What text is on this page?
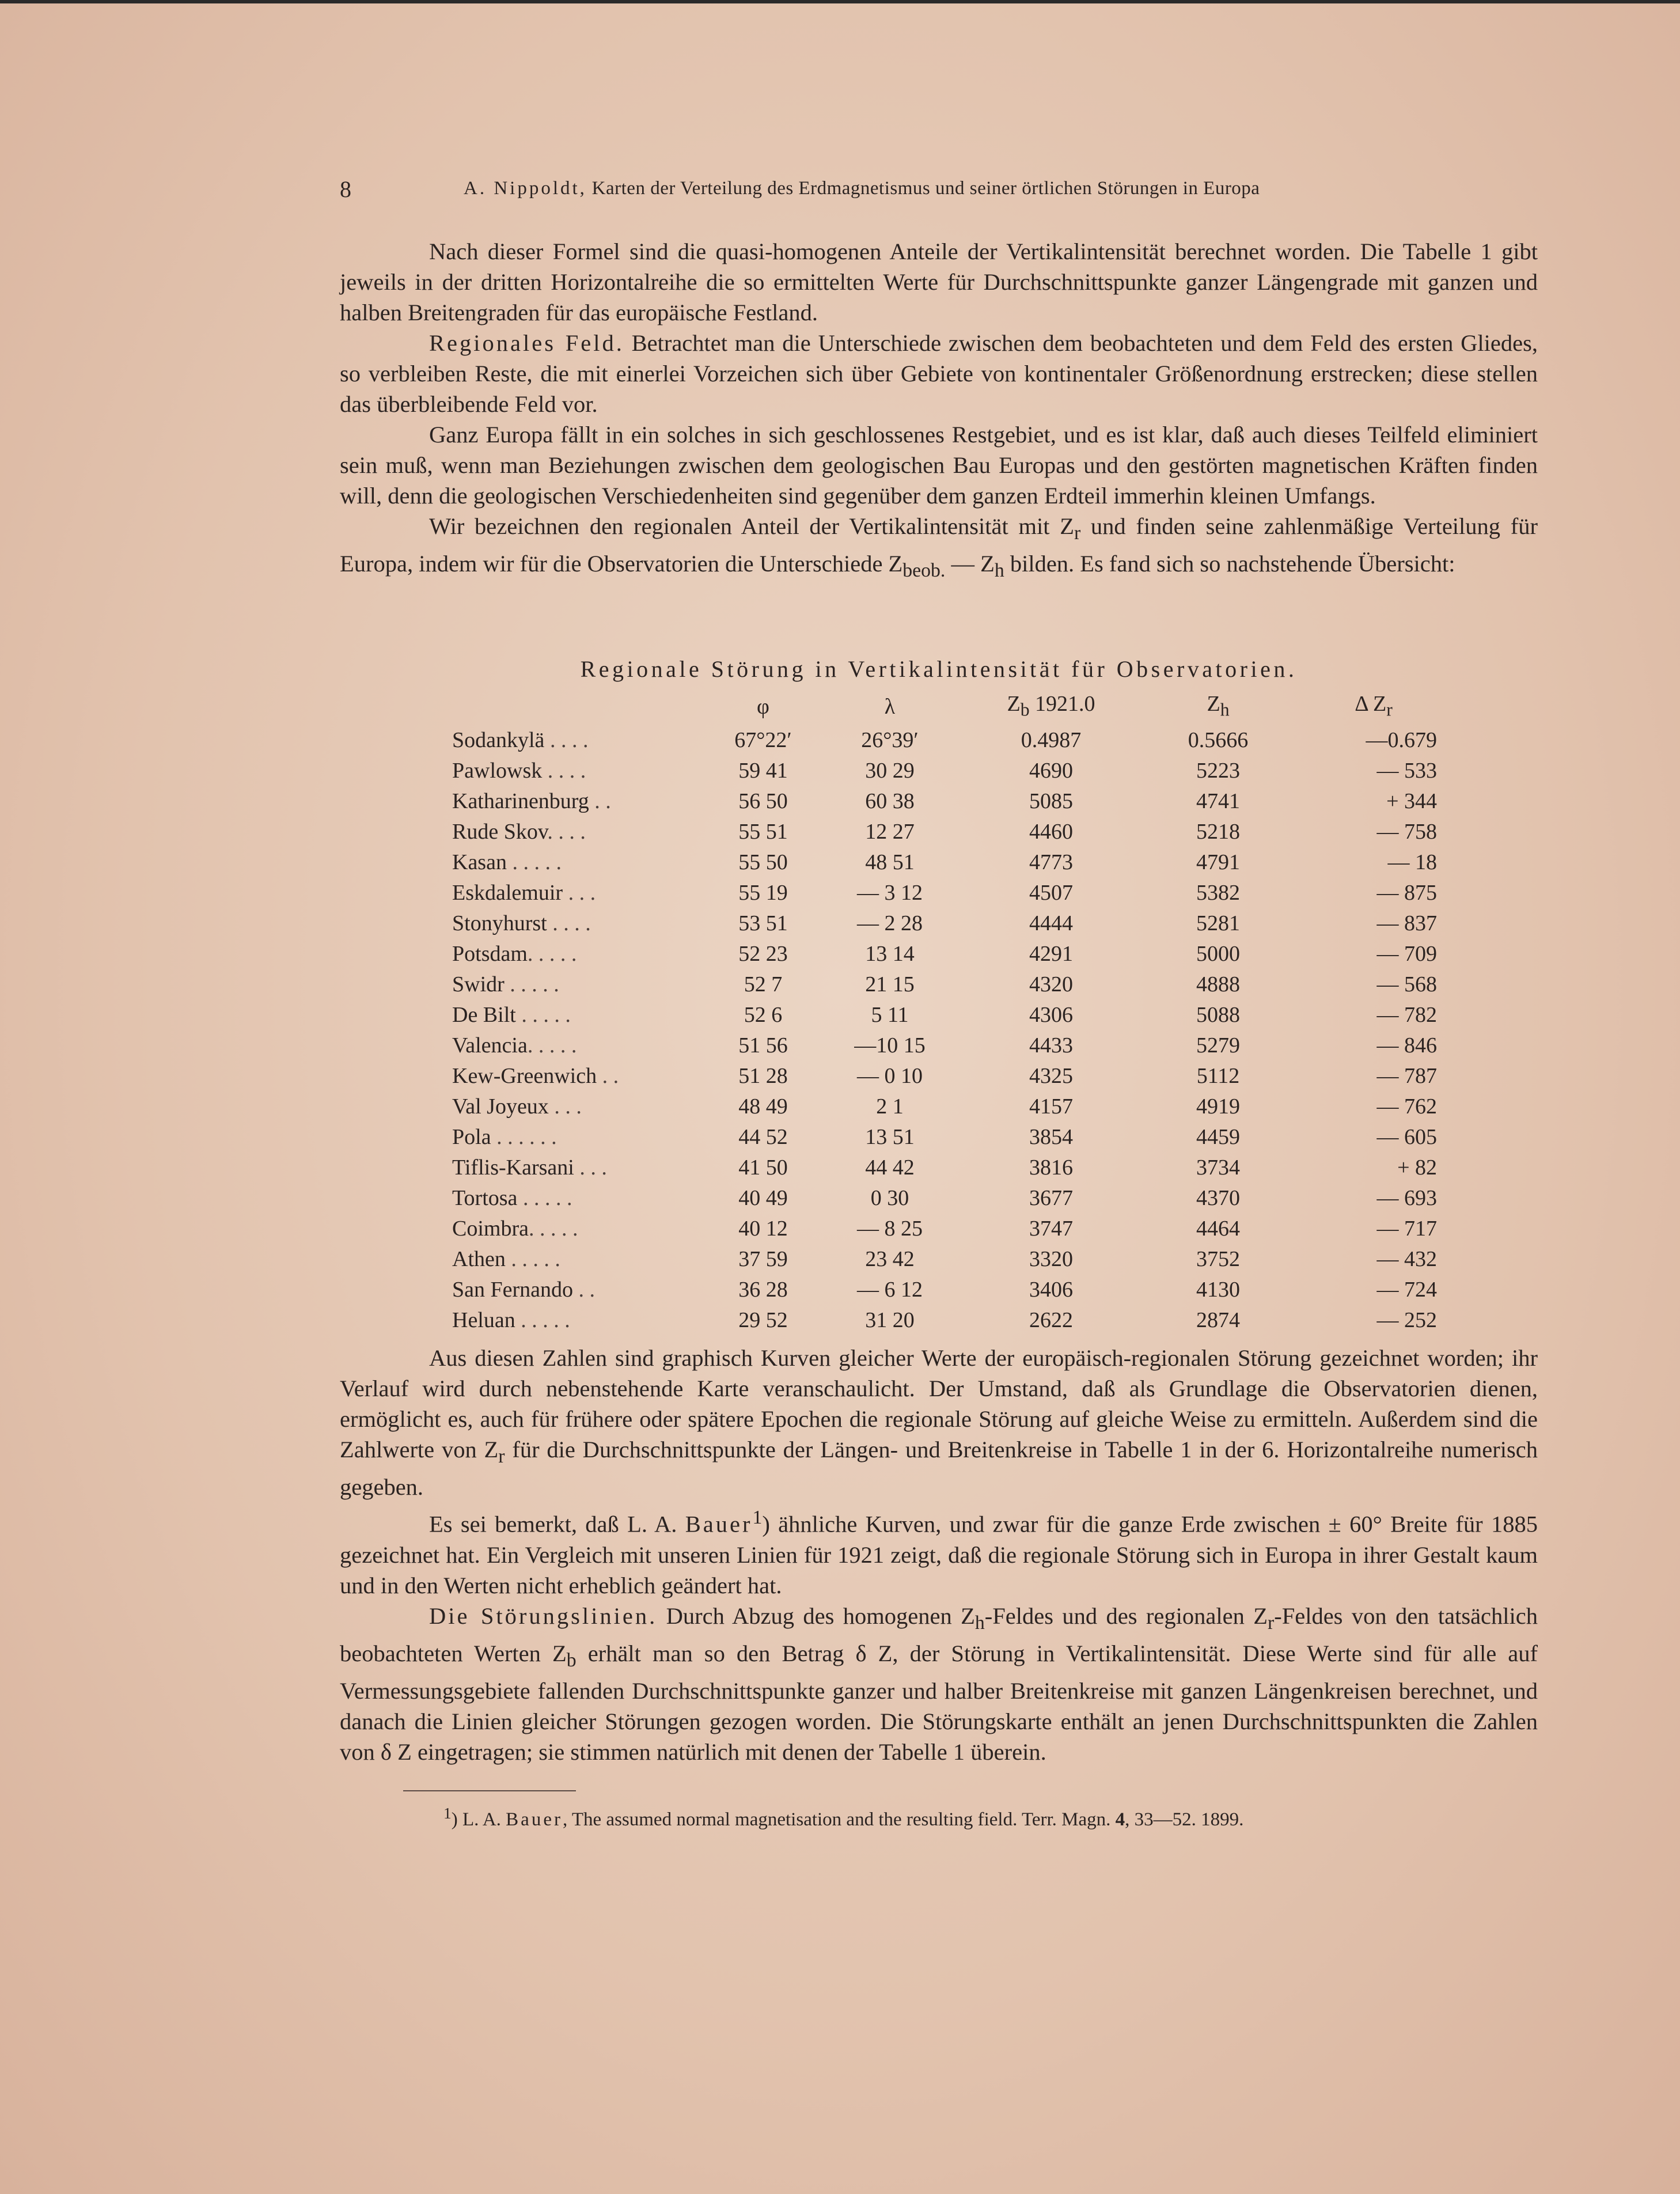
8	A. Nippoldt, Karten der Verteilung des Erdmagnetismus und seiner örtlichen Störungen in Europa

Nach dieser Formel sind die quasi-homogenen Anteile der Vertikalintensität berechnet worden. Die Tabelle 1 gibt jeweils in der dritten Horizontalreihe die so ermittelten Werte für Durchschnittspunkte ganzer Längengrade mit ganzen und halben Breitengraden für das europäische Festland.

Regionales Feld. Betrachtet man die Unterschiede zwischen dem beobachteten und dem Feld des ersten Gliedes, so verbleiben Reste, die mit einerlei Vorzeichen sich über Gebiete von kontinentaler Größenordnung erstrecken; diese stellen das überbleibende Feld vor.

Ganz Europa fällt in ein solches in sich geschlossenes Restgebiet, und es ist klar, daß auch dieses Teilfeld eliminiert sein muß, wenn man Beziehungen zwischen dem geologischen Bau Europas und den gestörten magnetischen Kräften finden will, denn die geologischen Verschiedenheiten sind gegenüber dem ganzen Erdteil immerhin kleinen Umfangs.

Wir bezeichnen den regionalen Anteil der Vertikalintensität mit $Z_r$ und finden seine zahlenmäßige Verteilung für Europa, indem wir für die Observatorien die Unterschiede $Z_{beob.}$ — $Z_h$ bilden. Es fand sich so nachstehende Übersicht:

Regionale Störung in Vertikalintensität für Observatorien.
	φ	λ	$Z_b$ 1921.0	$Z_h$	Δ $Z_r$
Sodankylä . . . .	67°22′	26°39′	0.4987	0.5666	—0.679
Pawlowsk . . . .	59 41	30 29	4690	5223	— 533
Katharinenburg . .	56 50	60 38	5085	4741	+ 344
Rude Skov. . . .	55 51	12 27	4460	5218	— 758
Kasan . . . . .	55 50	48 51	4773	4791	— 18
Eskdalemuir . . .	55 19	— 3 12	4507	5382	— 875
Stonyhurst . . . .	53 51	— 2 28	4444	5281	— 837
Potsdam. . . . .	52 23	13 14	4291	5000	— 709
Swidr . . . . .	52 7	21 15	4320	4888	— 568
De Bilt . . . . .	52 6	5 11	4306	5088	— 782
Valencia. . . . .	51 56	—10 15	4433	5279	— 846
Kew-Greenwich . .	51 28	— 0 10	4325	5112	— 787
Val Joyeux . . .	48 49	2 1	4157	4919	— 762
Pola . . . . . .	44 52	13 51	3854	4459	— 605
Tiflis-Karsani . . .	41 50	44 42	3816	3734	+ 82
Tortosa . . . . .	40 49	0 30	3677	4370	— 693
Coimbra. . . . .	40 12	— 8 25	3747	4464	— 717
Athen . . . . .	37 59	23 42	3320	3752	— 432
San Fernando . .	36 28	— 6 12	3406	4130	— 724
Heluan . . . . .	29 52	31 20	2622	2874	— 252

Aus diesen Zahlen sind graphisch Kurven gleicher Werte der europäisch-regionalen Störung gezeichnet worden; ihr Verlauf wird durch nebenstehende Karte veranschaulicht. Der Umstand, daß als Grundlage die Observatorien dienen, ermöglicht es, auch für frühere oder spätere Epochen die regionale Störung auf gleiche Weise zu ermitteln. Außerdem sind die Zahlwerte von $Z_r$ für die Durchschnittspunkte der Längen- und Breitenkreise in Tabelle 1 in der 6. Horizontalreihe numerisch gegeben.

Es sei bemerkt, daß L. A. Bauer$^1$) ähnliche Kurven, und zwar für die ganze Erde zwischen ± 60° Breite für 1885 gezeichnet hat. Ein Vergleich mit unseren Linien für 1921 zeigt, daß die regionale Störung sich in Europa in ihrer Gestalt kaum und in den Werten nicht erheblich geändert hat.

Die Störungslinien. Durch Abzug des homogenen $Z_h$-Feldes und des regionalen $Z_r$-Feldes von den tatsächlich beobachteten Werten $Z_b$ erhält man so den Betrag δ Z, der Störung in Vertikalintensität. Diese Werte sind für alle auf Vermessungsgebiete fallenden Durchschnittspunkte ganzer und halber Breitenkreise mit ganzen Längenkreisen berechnet, und danach die Linien gleicher Störungen gezogen worden. Die Störungskarte enthält an jenen Durchschnittspunkten die Zahlen von δ Z eingetragen; sie stimmen natürlich mit denen der Tabelle 1 überein.

$^1$) L. A. Bauer, The assumed normal magnetisation and the resulting field. Terr. Magn. 4, 33—52. 1899.
